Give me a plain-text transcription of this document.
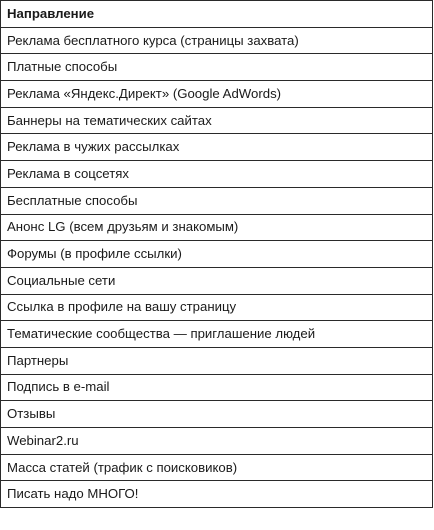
Направление
Реклама бесплатного курса (страницы захвата)
Платные способы
Реклама «Яндекс.Директ» (Google AdWords)
Баннеры на тематических сайтах
Реклама в чужих рассылках
Реклама в соцсетях
Бесплатные способы
Анонс LG (всем друзьям и знакомым)
Форумы (в профиле ссылки)
Социальные сети
Ссылка в профиле на вашу страницу
Тематические сообщества — приглашение людей
Партнеры
Подпись в e-mail
Отзывы
Webinar2.ru
Масса статей (трафик с поисковиков)
Писать надо МНОГО!
